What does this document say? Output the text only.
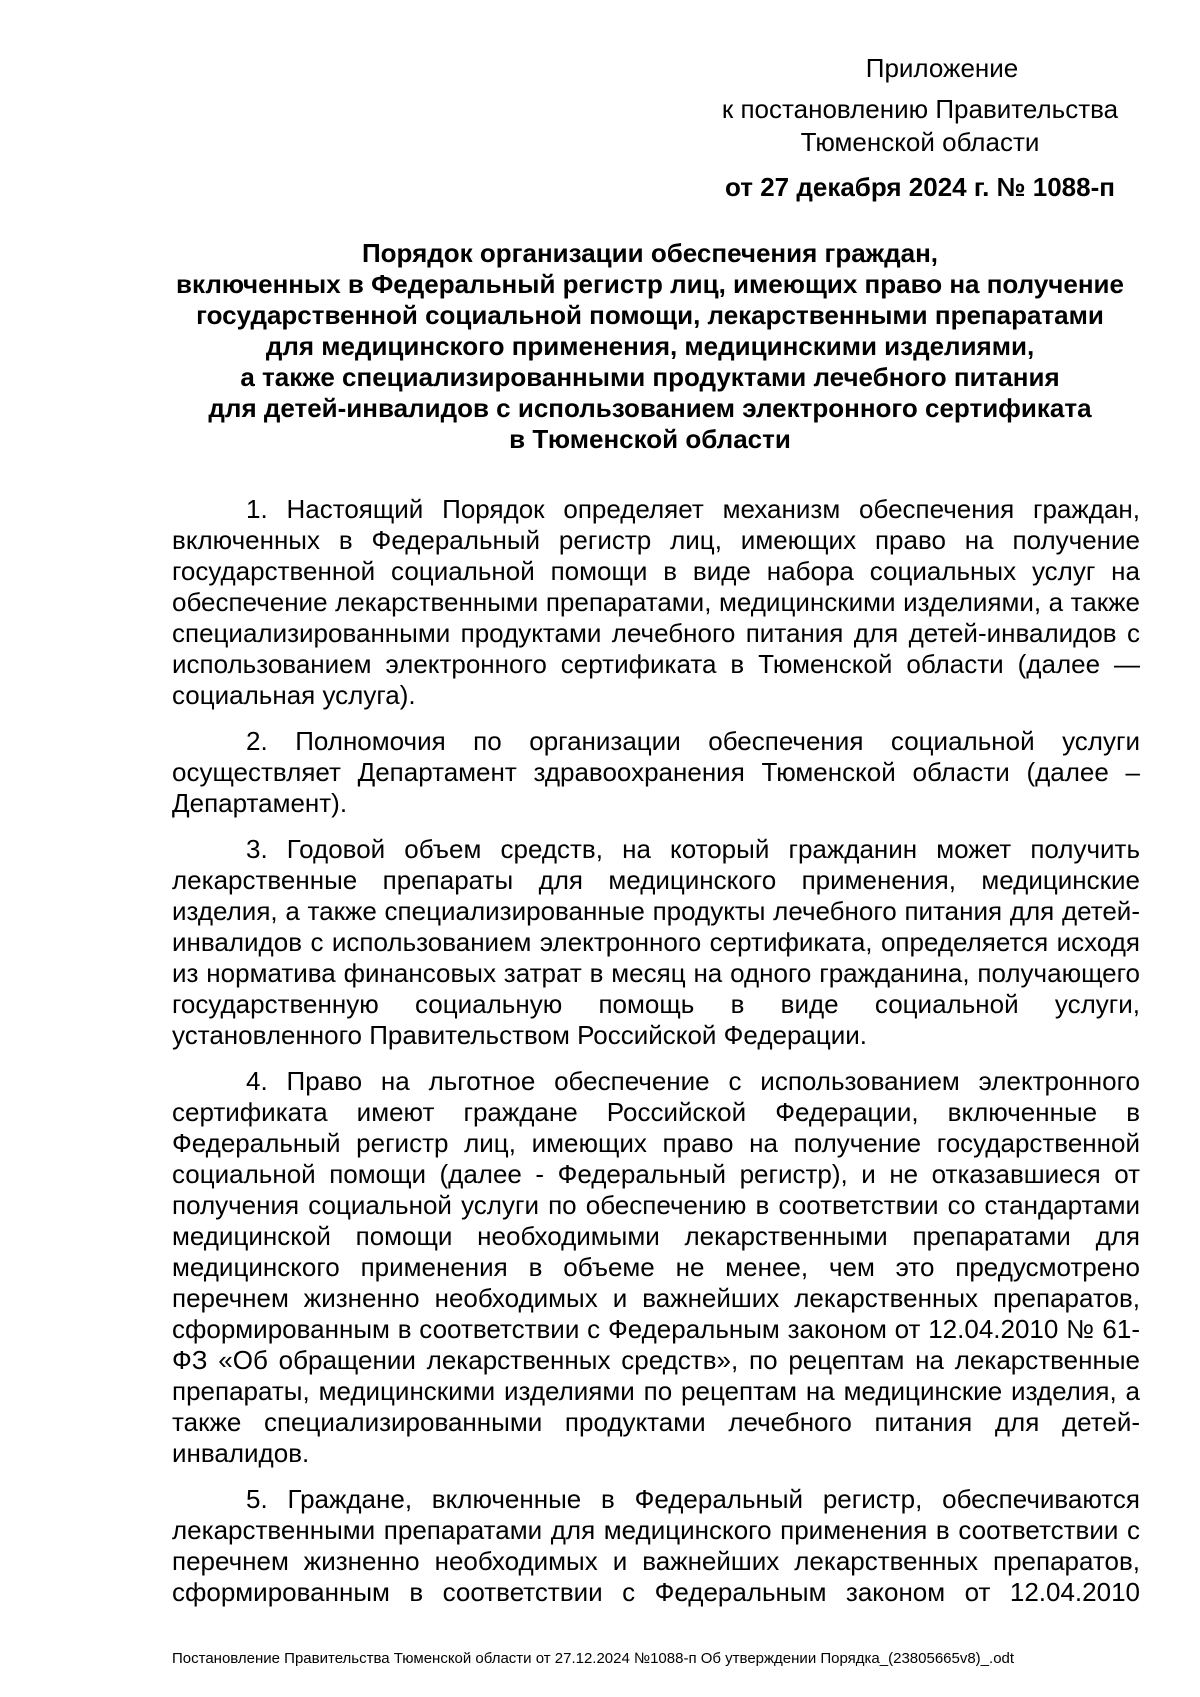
Приложение
к постановлению Правительства
Тюменской области
от 27 декабря 2024 г. № 1088-п
Порядок организации обеспечения граждан,
включенных в Федеральный регистр лиц, имеющих право на получение
государственной социальной помощи, лекарственными препаратами
для медицинского применения, медицинскими изделиями,
а также специализированными продуктами лечебного питания
для детей-инвалидов с использованием электронного сертификата
в Тюменской области

1. Настоящий Порядок определяет механизм обеспечения граждан, включенных в Федеральный регистр лиц, имеющих право на получение государственной социальной помощи в виде набора социальных услуг на обеспечение лекарственными препаратами, медицинскими изделиями, а также специализированными продуктами лечебного питания для детей-инвалидов с использованием электронного сертификата в Тюменской области (далее — социальная услуга).

2. Полномочия по организации обеспечения социальной услуги осуществляет Департамент здравоохранения Тюменской области (далее – Департамент).

3. Годовой объем средств, на который гражданин может получить лекарственные препараты для медицинского применения, медицинские изделия, а также специализированные продукты лечебного питания для детей-инвалидов с использованием электронного сертификата, определяется исходя из норматива финансовых затрат в месяц на одного гражданина, получающего государственную социальную помощь в виде социальной услуги, установленного Правительством Российской Федерации.

4. Право на льготное обеспечение с использованием электронного сертификата имеют граждане Российской Федерации, включенные в Федеральный регистр лиц, имеющих право на получение государственной социальной помощи (далее - Федеральный регистр), и не отказавшиеся от получения социальной услуги по обеспечению в соответствии со стандартами медицинской помощи необходимыми лекарственными препаратами для медицинского применения в объеме не менее, чем это предусмотрено перечнем жизненно необходимых и важнейших лекарственных препаратов, сформированным в соответствии с Федеральным законом от 12.04.2010 № 61-ФЗ «Об обращении лекарственных средств», по рецептам на лекарственные препараты, медицинскими изделиями по рецептам на медицинские изделия, а также специализированными продуктами лечебного питания для детей-инвалидов.

5. Граждане, включенные в Федеральный регистр, обеспечиваются лекарственными препаратами для медицинского применения в соответствии с перечнем жизненно необходимых и важнейших лекарственных препаратов, сформированным в соответствии с Федеральным законом от 12.04.2010

Постановление Правительства Тюменской области от 27.12.2024 №1088-п Об утверждении Порядка_(23805665v8)_.odt
